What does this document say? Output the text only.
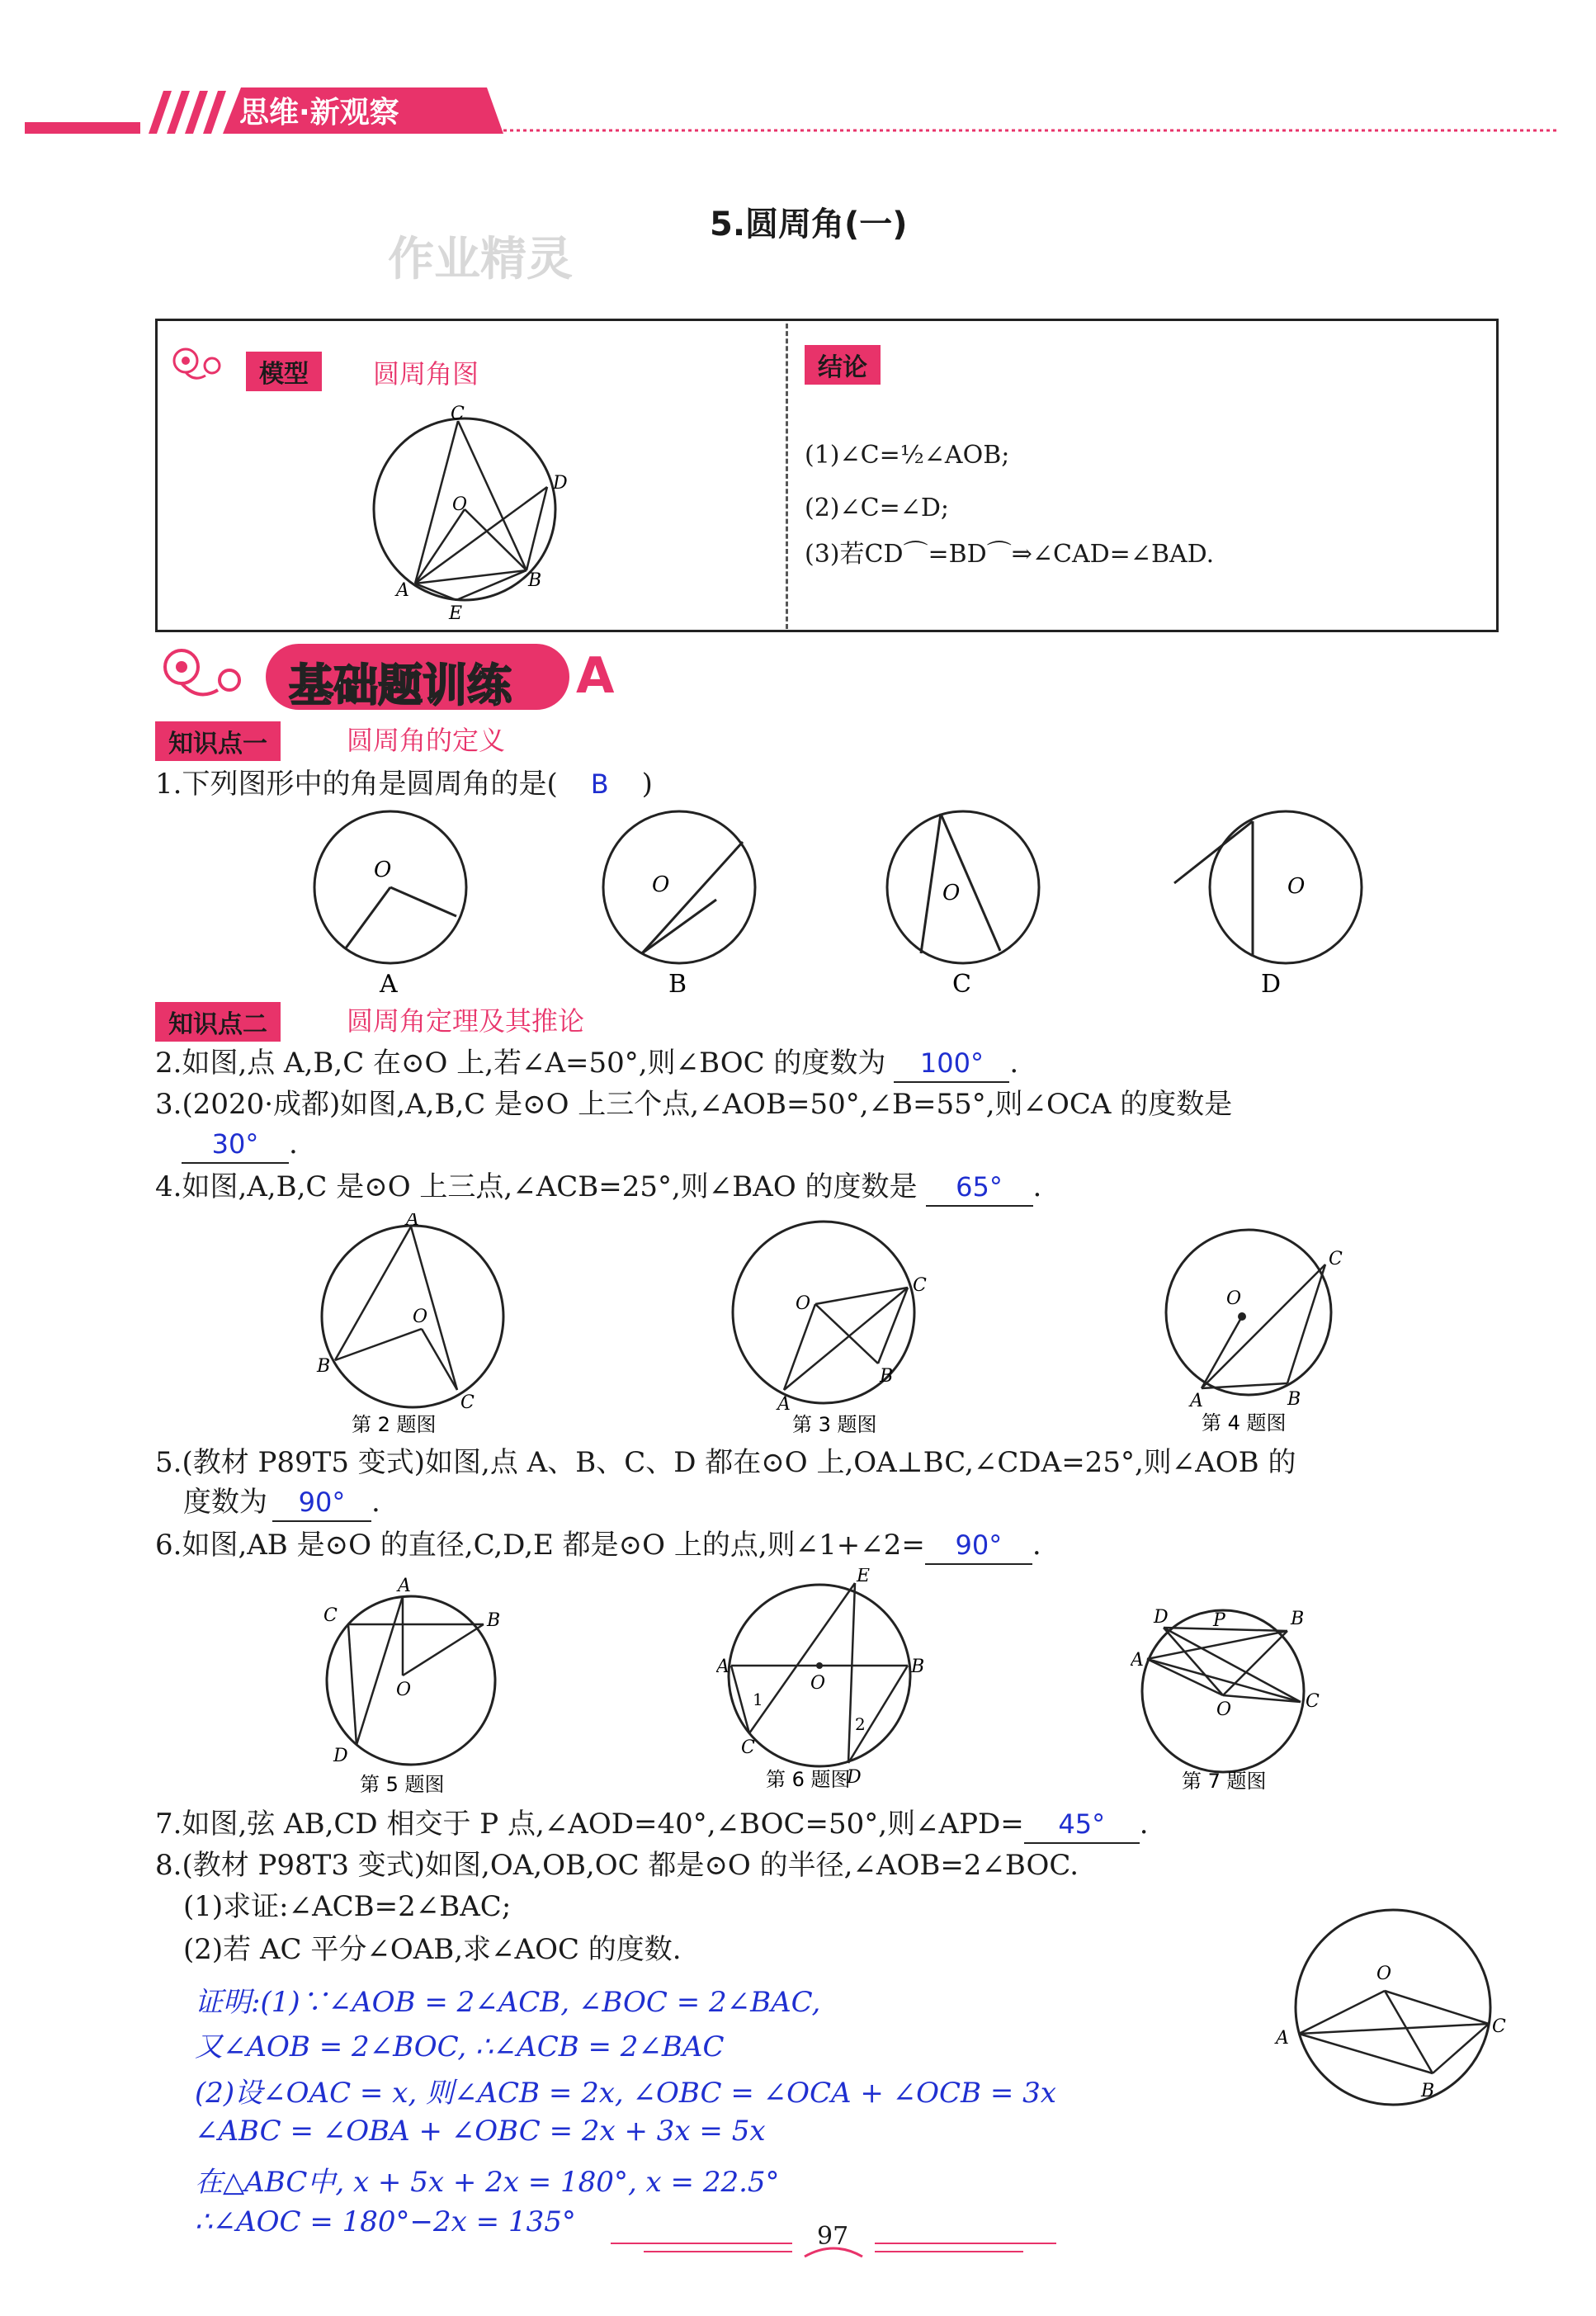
思维·新观察
5.圆周角(一)
作业精灵
模型	圆周角图
C
D
O
A	B
E
结论
(1)∠C=½∠AOB;
(2)∠C=∠D;
(3)若CD⌒=BD⌒⇒∠CAD=∠BAD.
基础题训练 A
知识点一	圆周角的定义
1.下列图形中的角是圆周角的是( B )
O
A
O
B
O
C
O
D
知识点二	圆周角定理及其推论
2.如图,点 A,B,C 在⊙O 上,若∠A=50°,则∠BOC 的度数为 100° .
3.(2020·成都)如图,A,B,C 是⊙O 上三个点,∠AOB=50°,∠B=55°,则∠OCA 的度数是
30° .
4.如图,A,B,C 是⊙O 上三点,∠ACB=25°,则∠BAO 的度数是 65° .
A
B
C
O
第 2 题图
O
C
B
A
第 3 题图
O
C
A	B
第 4 题图
5.(教材 P89T5 变式)如图,点 A、B、C、D 都在⊙O 上,OA⊥BC,∠CDA=25°,则∠AOB 的
度数为 90° .
6.如图,AB 是⊙O 的直径,C,D,E 都是⊙O 上的点,则∠1+∠2= 90° .
A
C	B
O
D
第 5 题图
E
A	B
O
1
2
C
D
第 6 题图
D P	B
A
O	C
第 7 题图
7.如图,弦 AB,CD 相交于 P 点,∠AOD=40°,∠BOC=50°,则∠APD= 45° .
8.(教材 P98T3 变式)如图,OA,OB,OC 都是⊙O 的半径,∠AOB=2∠BOC.
(1)求证:∠ACB=2∠BAC;
(2)若 AC 平分∠OAB,求∠AOC 的度数.
证明:(1)∵∠AOB = 2∠ACB, ∠BOC = 2∠BAC,
又∠AOB = 2∠BOC, ∴∠ACB = 2∠BAC
(2)设∠OAC = x, 则∠ACB = 2x, ∠OBC = ∠OCA + ∠OCB = 3x
∠ABC = ∠OBA + ∠OBC = 2x + 3x = 5x
在△ABC中, x + 5x + 2x = 180°, x = 22.5°
∴∠AOC = 180°−2x = 135°
O
A
C
B
97
